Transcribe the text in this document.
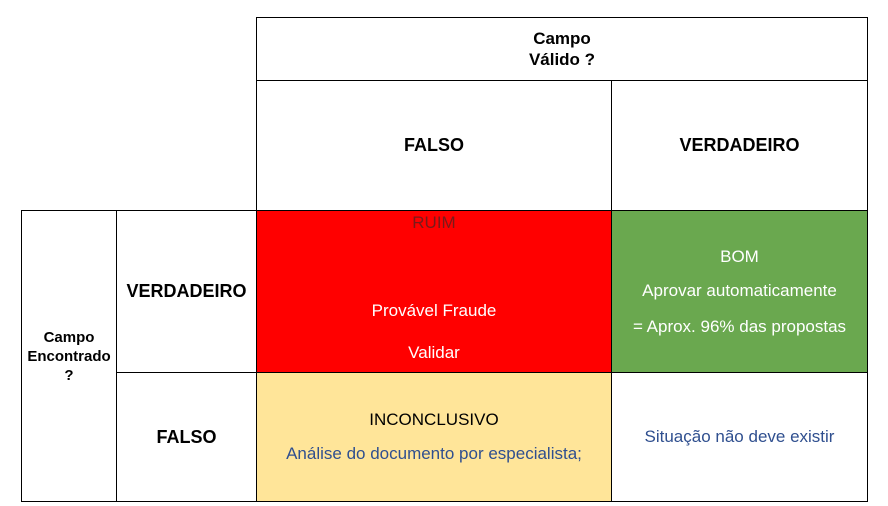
Campo
Válido ?
FALSO	VERDADEIRO
Campo
Encontrado
?
VERDADEIRO
FALSO
RUIM
Provável Fraude
Validar
BOM
Aprovar automaticamente
= Aprox. 96% das propostas
INCONCLUSIVO
Análise do documento por especialista;
Situação não deve existir
